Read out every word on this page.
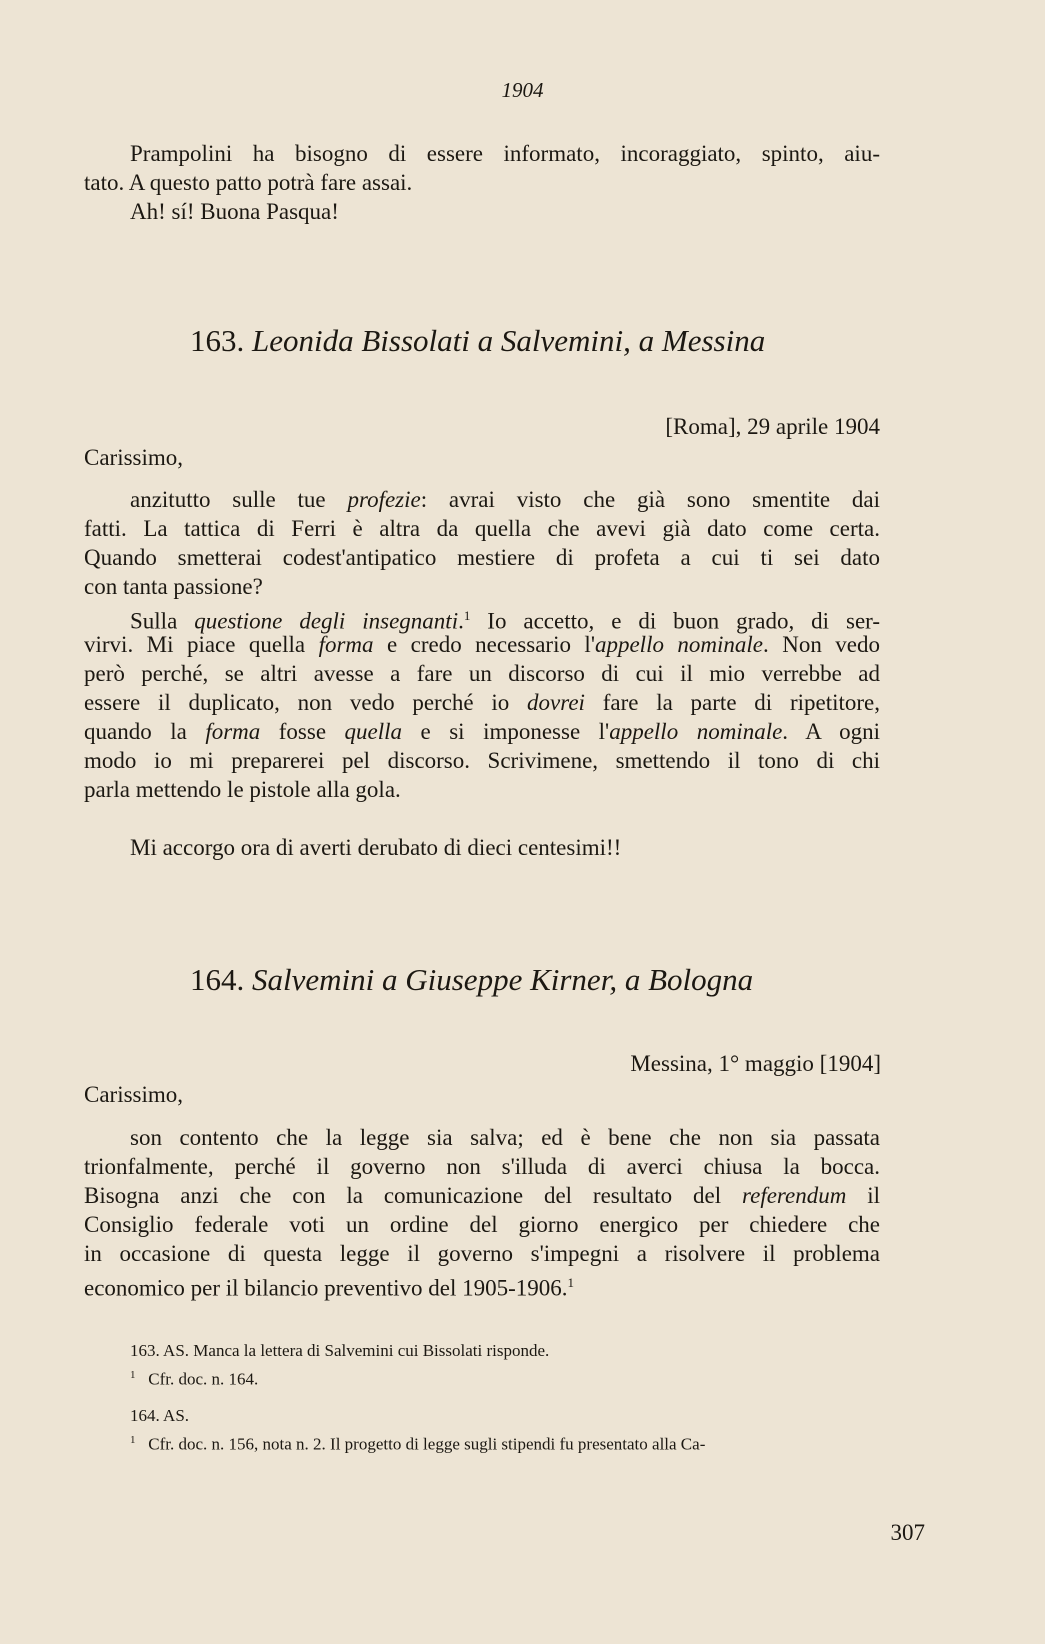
1904
Prampolini ha bisogno di essere informato, incoraggiato, spinto, aiu-
tato. A questo patto potrà fare assai.
Ah! sí! Buona Pasqua!
163. Leonida Bissolati a Salvemini, a Messina
[Roma], 29 aprile 1904
Carissimo,
anzitutto sulle tue profezie: avrai visto che già sono smentite dai
fatti. La tattica di Ferri è altra da quella che avevi già dato come certa.
Quando smetterai codest'antipatico mestiere di profeta a cui ti sei dato
con tanta passione?
Sulla questione degli insegnanti.$^1$ Io accetto, e di buon grado, di ser-
virvi. Mi piace quella forma e credo necessario l'appello nominale. Non vedo
però perché, se altri avesse a fare un discorso di cui il mio verrebbe ad
essere il duplicato, non vedo perché io dovrei fare la parte di ripetitore,
quando la forma fosse quella e si imponesse l'appello nominale. A ogni
modo io mi preparerei pel discorso. Scrivimene, smettendo il tono di chi
parla mettendo le pistole alla gola.
Mi accorgo ora di averti derubato di dieci centesimi!!
164. Salvemini a Giuseppe Kirner, a Bologna
Messina, 1° maggio [1904]
Carissimo,
son contento che la legge sia salva; ed è bene che non sia passata
trionfalmente, perché il governo non s'illuda di averci chiusa la bocca.
Bisogna anzi che con la comunicazione del resultato del referendum il
Consiglio federale voti un ordine del giorno energico per chiedere che
in occasione di questa legge il governo s'impegni a risolvere il problema
economico per il bilancio preventivo del 1905-1906.$^1$
163. AS. Manca la lettera di Salvemini cui Bissolati risponde.
$^1$ Cfr. doc. n. 164.
164. AS.
$^1$ Cfr. doc. n. 156, nota n. 2. Il progetto di legge sugli stipendi fu presentato alla Ca-
307
